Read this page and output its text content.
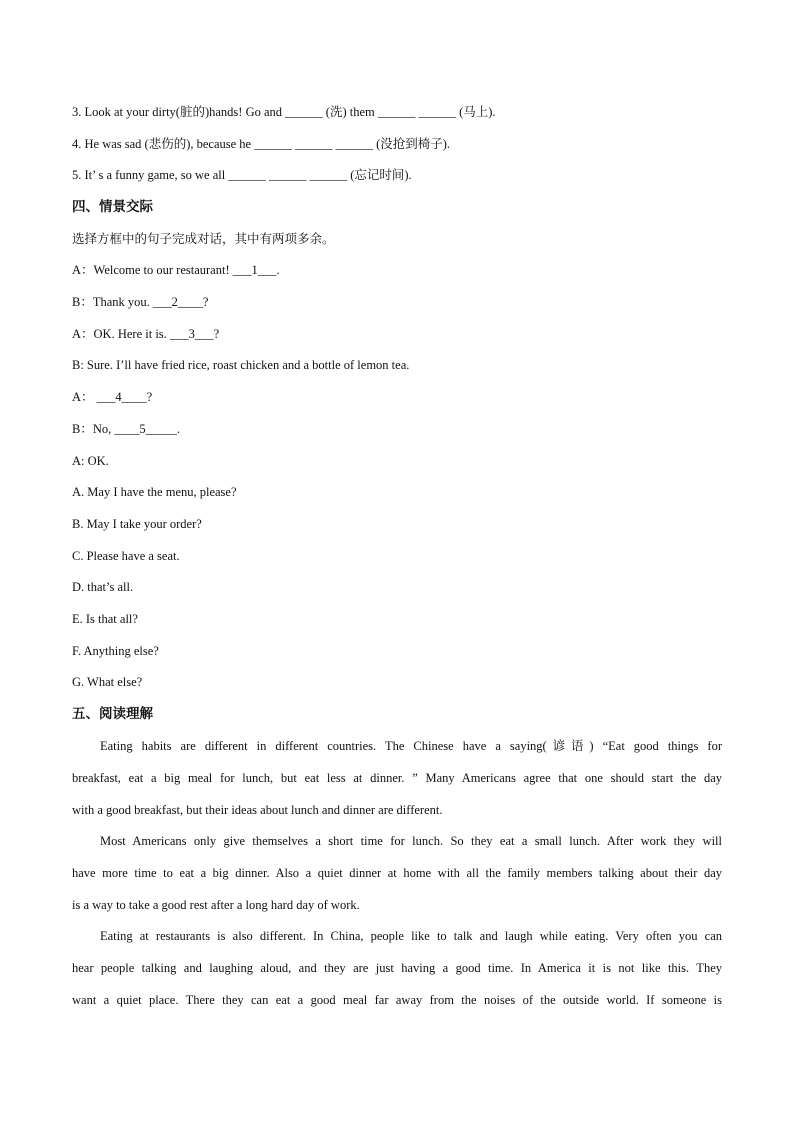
3. Look at your dirty(脏的)hands! Go and ______ (洗) them ______ ______ (马上).
4. He was sad (悲伤的), because he ______ ______ ______ (没抢到椅子).
5. It’ s a funny game, so we all ______ ______ ______ (忘记时间).
四、情景交际
选择方框中的句子完成对话，其中有两项多余。
A：Welcome to our restaurant! ___1___.
B：Thank you. ___2____?
A：OK. Here it is. ___3___?
B: Sure. I’ll have fried rice, roast chicken and a bottle of lemon tea.
A： ___4____?
B：No, ____5_____.
A: OK.
A. May I have the menu, please?
B. May I take your order?
C. Please have a seat.
D. that’s all.
E. Is that all?
F. Anything else?
G. What else?
五、阅读理解
Eating habits are different in different countries. The Chinese have a saying(谚语) “Eat good things for
breakfast, eat a big meal for lunch, but eat less at dinner. ” Many Americans agree that one should start the day
with a good breakfast, but their ideas about lunch and dinner are different.
Most Americans only give themselves a short time for lunch. So they eat a small lunch. After work they will
have more time to eat a big dinner. Also a quiet dinner at home with all the family members talking about their day
is a way to take a good rest after a long hard day of work.
Eating at restaurants is also different. In China, people like to talk and laugh while eating. Very often you can
hear people talking and laughing aloud, and they are just having a good time. In America it is not like this. They
want a quiet place. There they can eat a good meal far away from the noises of the outside world. If someone is
